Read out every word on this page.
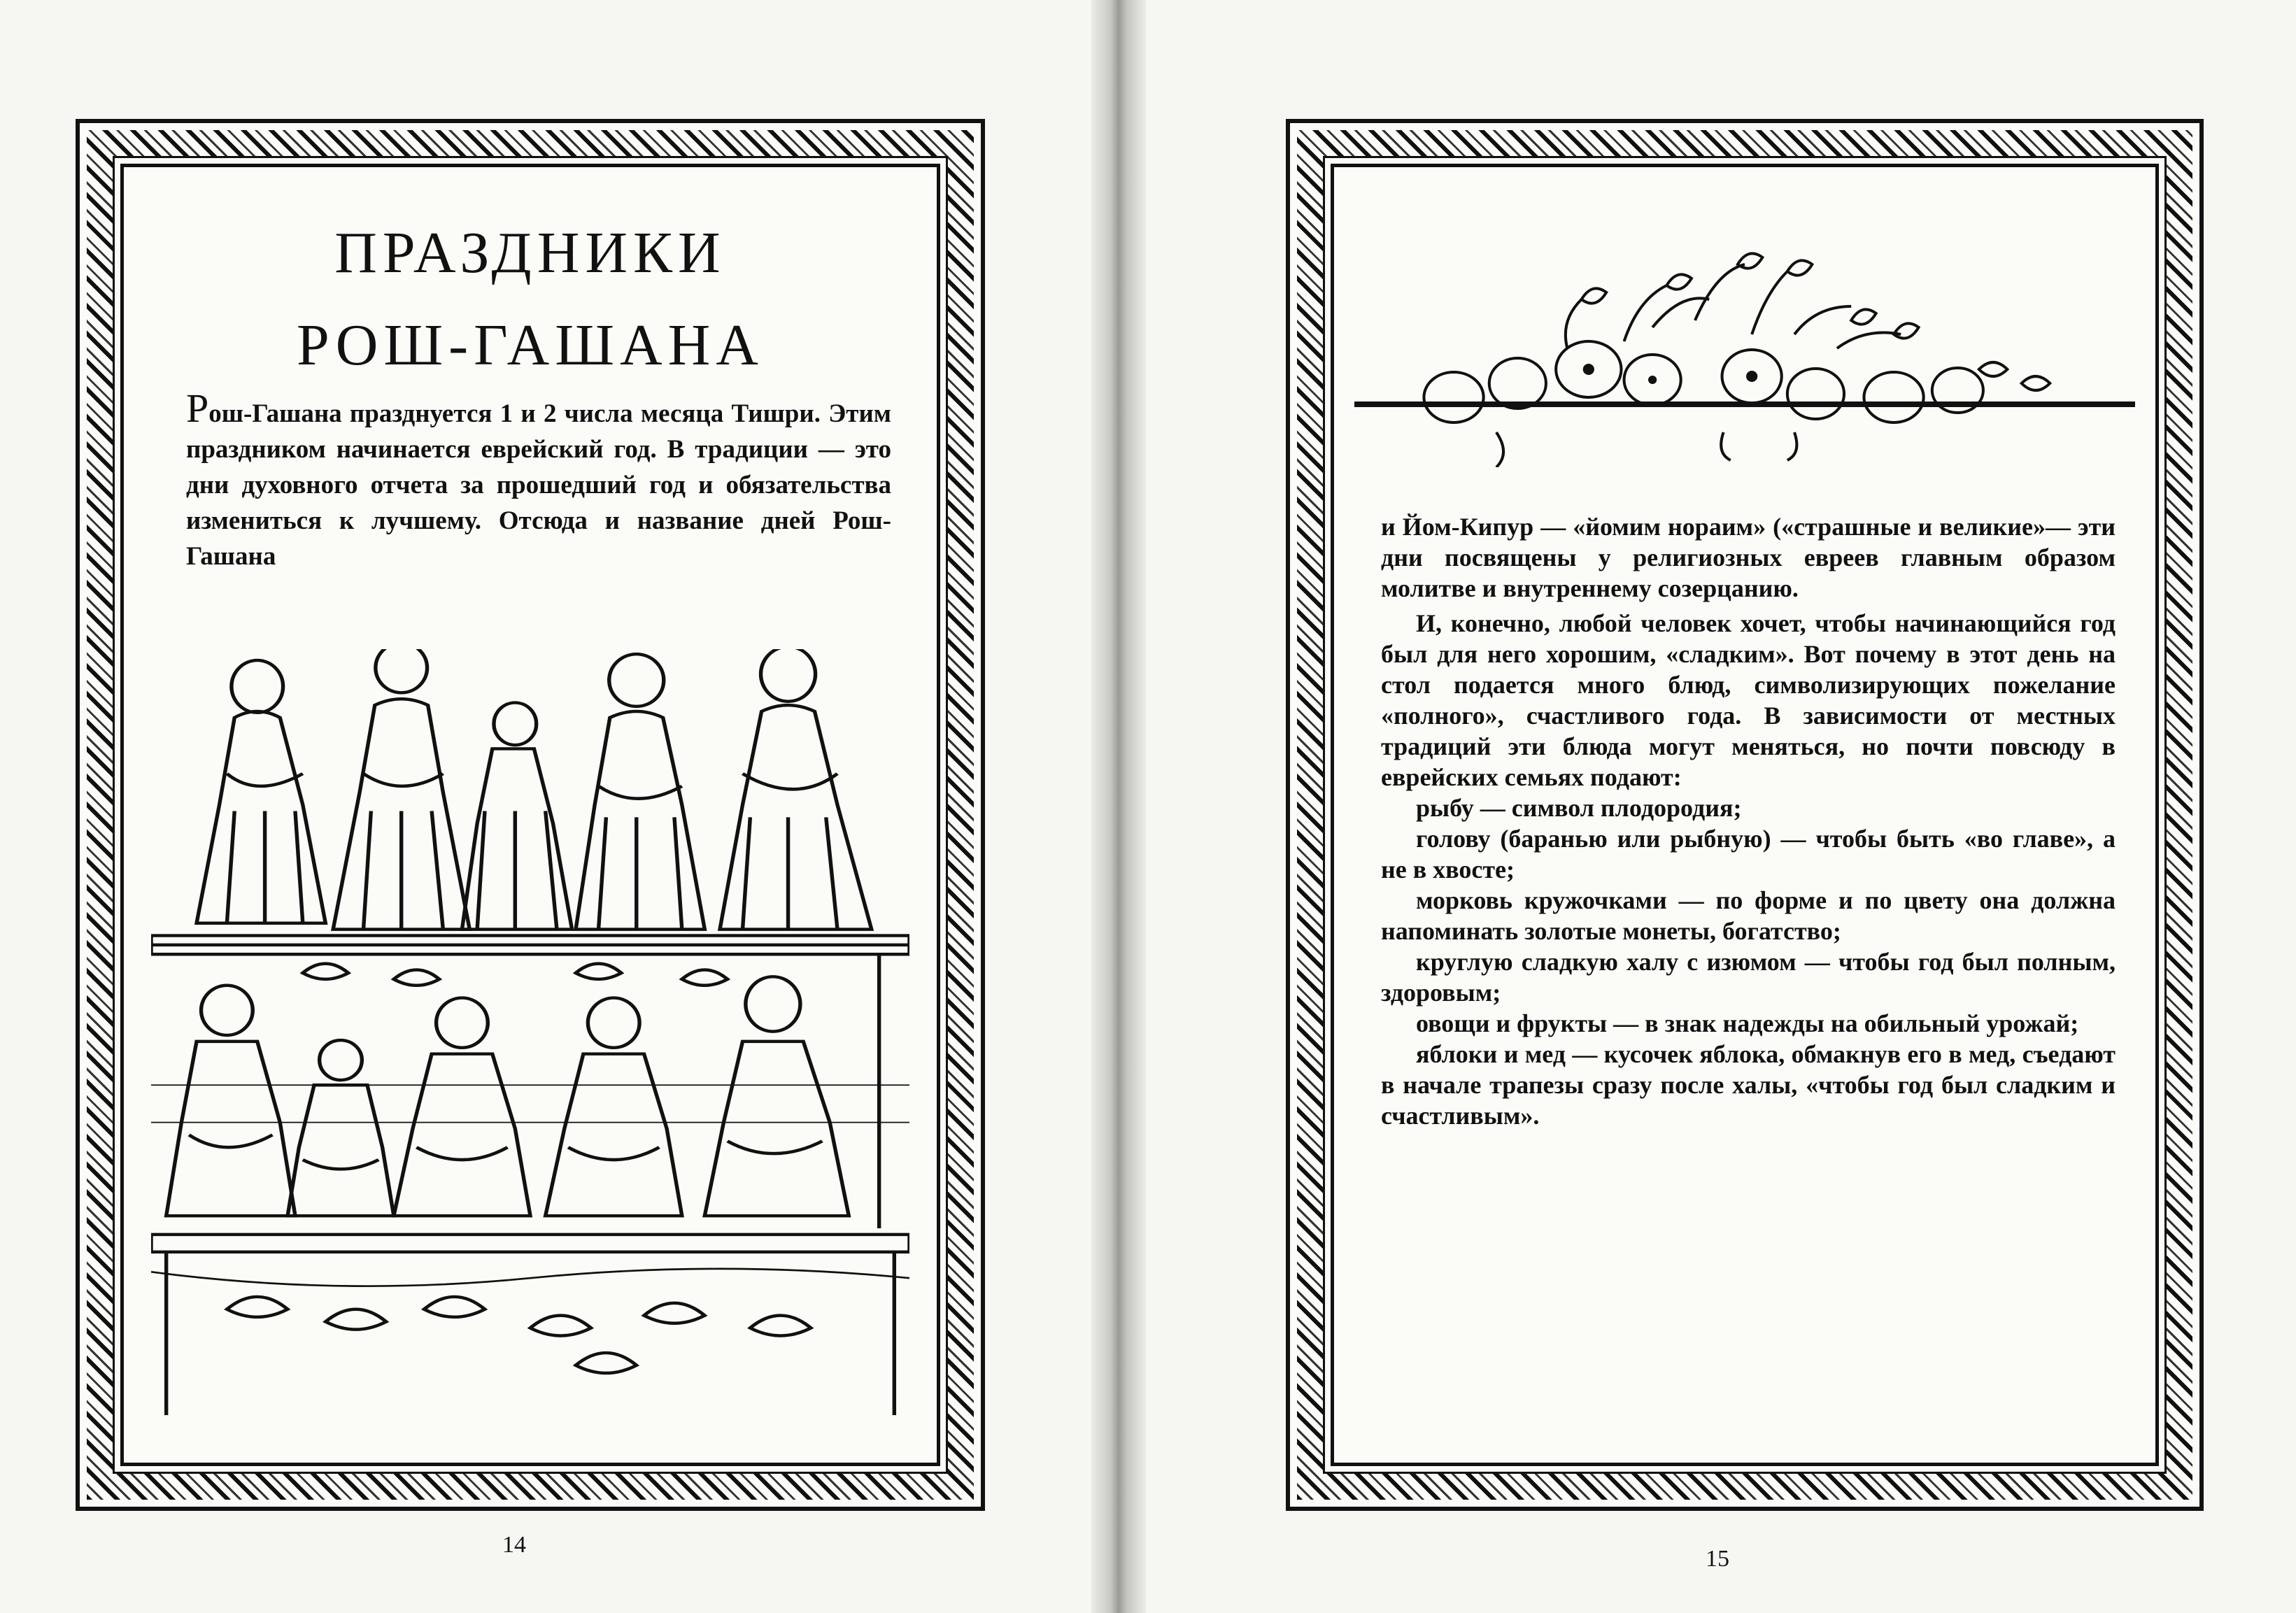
ПРАЗДНИКИ
РОШ-ГАШАНА

Рош-Гашана празднуется 1 и 2 числа месяца Тишри. Этим праздником начинается еврейский год. В традиции — это дни духовного отчета за прошедший год и обязательства измениться к лучшему. Отсюда и название дней Рош-Гашана

14

и Йом-Кипур — «йомим нораим» («страшные и великие»— эти дни посвящены у религиозных евреев главным образом молитве и внутреннему созерцанию.

И, конечно, любой человек хочет, чтобы начинающийся год был для него хорошим, «сладким». Вот почему в этот день на стол подается много блюд, символизирующих пожелание «полного», счастливого года. В зависимости от местных традиций эти блюда могут меняться, но почти повсюду в еврейских семьях подают:

рыбу — символ плодородия;

голову (баранью или рыбную) — чтобы быть «во главе», а не в хвосте;

морковь кружочками — по форме и по цвету она должна напоминать золотые монеты, богатство;

круглую сладкую халу с изюмом — чтобы год был полным, здоровым;

овощи и фрукты — в знак надежды на обильный урожай;

яблоки и мед — кусочек яблока, обмакнув его в мед, съедают в начале трапезы сразу после халы, «чтобы год был сладким и счастливым».

15
